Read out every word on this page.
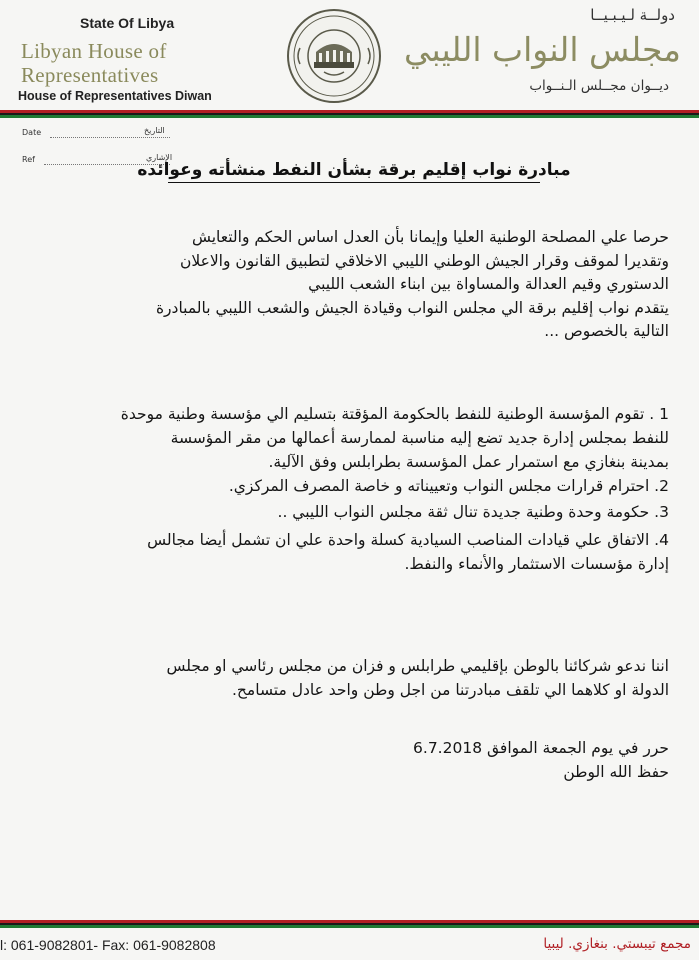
State Of Libya
Libyan House of
Representatives
House of Representatives Diwan
دولــة لـيـبـيــا
مجلس النواب الليبي
ديــوان مجــلس الـنــواب
Date	التاريخ
Ref	الإشاري
مبادرة نواب إقليم برقة بشأن النفط منشأته وعوائده
حرصا علي المصلحة الوطنية العليا وإيمانا بأن العدل اساس الحكم والتعايش
وتقديرا لموقف وقرار الجيش الوطني الليبي الاخلاقي لتطبيق القانون والاعلان
الدستوري وقيم العدالة والمساواة بين ابناء الشعب الليبي
يتقدم نواب إقليم برقة الي مجلس النواب وقيادة الجيش والشعب الليبي بالمبادرة
التالية بالخصوص ...
1 . تقوم المؤسسة الوطنية للنفط بالحكومة المؤقتة بتسليم الي مؤسسة وطنية موحدة
للنفط بمجلس إدارة جديد تضع إليه مناسبة لممارسة أعمالها من مقر المؤسسة
بمدينة بنغازي مع استمرار عمل المؤسسة بطرابلس وفق الآلية.
2. احترام قرارات مجلس النواب وتعييناته و خاصة المصرف المركزي.
3. حكومة وحدة وطنية جديدة تنال ثقة مجلس النواب الليبي ..
4. الاتفاق علي قيادات المناصب السيادية كسلة واحدة علي ان تشمل أيضا مجالس
إدارة مؤسسات الاستثمار والأنماء والنفط.
اننا ندعو شركائنا بالوطن بإقليمي طرابلس و فزان من مجلس رئاسي او مجلس
الدولة او كلاهما الي تلقف مبادرتنا من اجل وطن واحد عادل متسامح.
حرر في يوم الجمعة الموافق 6.7.2018
حفظ الله الوطن
l: 061-9082801- Fax: 061-9082808	مجمع تيبستي. بنغازي. ليبيا
